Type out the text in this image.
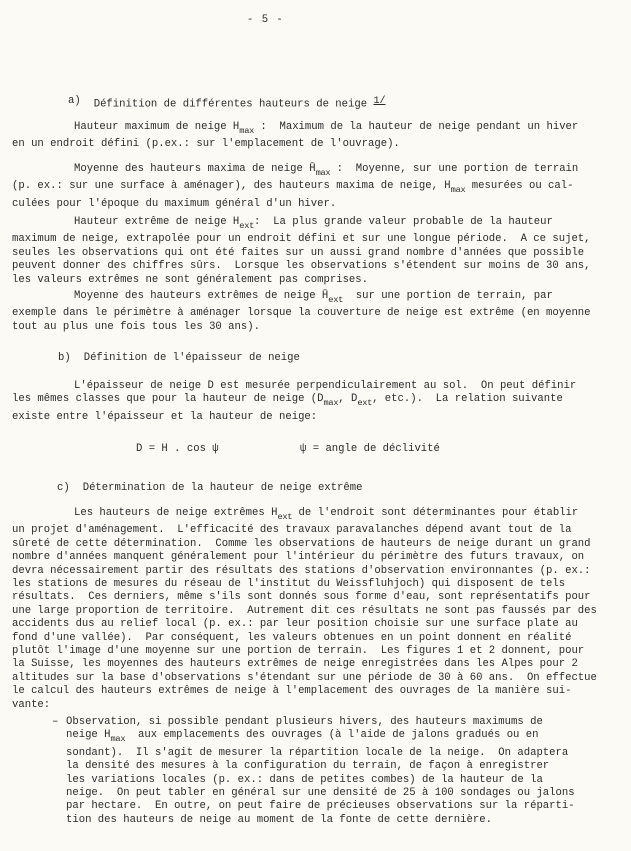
- 5 -
a) Définition de différentes hauteurs de neige 1/
Hauteur maximum de neige $H_{max}$ :  Maximum de la hauteur de neige pendant un hiver
en un endroit défini (p.ex.: sur l'emplacement de l'ouvrage).
Moyenne des hauteurs maxima de neige $H̄_{max}$ :  Moyenne, sur une portion de terrain
(p. ex.: sur une surface à aménager), des hauteurs maxima de neige, $H_{max}$ mesurées ou cal-
culées pour l'époque du maximum général d'un hiver.
Hauteur extrême de neige $H_{ext}$:  La plus grande valeur probable de la hauteur
maximum de neige, extrapolée pour un endroit défini et sur une longue période.  A ce sujet,
seules les observations qui ont été faites sur un aussi grand nombre d'années que possible
peuvent donner des chiffres sûrs.  Lorsque les observations s'étendent sur moins de 30 ans,
les valeurs extrêmes ne sont généralement pas comprises.
Moyenne des hauteurs extrêmes de neige $H̄_{ext}$  sur une portion de terrain, par
exemple dans le périmètre à aménager lorsque la couverture de neige est extrême (en moyenne
tout au plus une fois tous les 30 ans).
b) Définition de l'épaisseur de neige
L'épaisseur de neige D est mesurée perpendiculairement au sol.  On peut définir
les mêmes classes que pour la hauteur de neige ($D_{max}$, $D_{ext}$, etc.).  La relation suivante
existe entre l'épaisseur et la hauteur de neige:
D = H . cos ψ	ψ = angle de déclivité
c) Détermination de la hauteur de neige extrême
Les hauteurs de neige extrêmes $H_{ext}$ de l'endroit sont déterminantes pour établir
un projet d'aménagement.  L'efficacité des travaux paravalanches dépend avant tout de la
sûreté de cette détermination.  Comme les observations de hauteurs de neige durant un grand
nombre d'années manquent généralement pour l'intérieur du périmètre des futurs travaux, on
devra nécessairement partir des résultats des stations d'observation environnantes (p. ex.:
les stations de mesures du réseau de l'institut du Weissfluhjoch) qui disposent de tels
résultats.  Ces derniers, même s'ils sont donnés sous forme d'eau, sont représentatifs pour
une large proportion de territoire.  Autrement dit ces résultats ne sont pas faussés par des
accidents dus au relief local (p. ex.: par leur position choisie sur une surface plate au
fond d'une vallée).  Par conséquent, les valeurs obtenues en un point donnent en réalité
plutôt l'image d'une moyenne sur une portion de terrain.  Les figures 1 et 2 donnent, pour
la Suisse, les moyennes des hauteurs extrêmes de neige enregistrées dans les Alpes pour 2
altitudes sur la base d'observations s'étendant sur une période de 30 à 60 ans.  On effectue
le calcul des hauteurs extrêmes de neige à l'emplacement des ouvrages de la manière sui-
vante:
– Observation, si possible pendant plusieurs hivers, des hauteurs maximums de
neige $H_{max}$  aux emplacements des ouvrages (à l'aide de jalons gradués ou en
sondant).  Il s'agit de mesurer la répartition locale de la neige.  On adaptera
la densité des mesures à la configuration du terrain, de façon à enregistrer
les variations locales (p. ex.: dans de petites combes) de la hauteur de la
neige.  On peut tabler en général sur une densité de 25 à 100 sondages ou jalons
par hectare.  En outre, on peut faire de précieuses observations sur la réparti-
tion des hauteurs de neige au moment de la fonte de cette dernière.
